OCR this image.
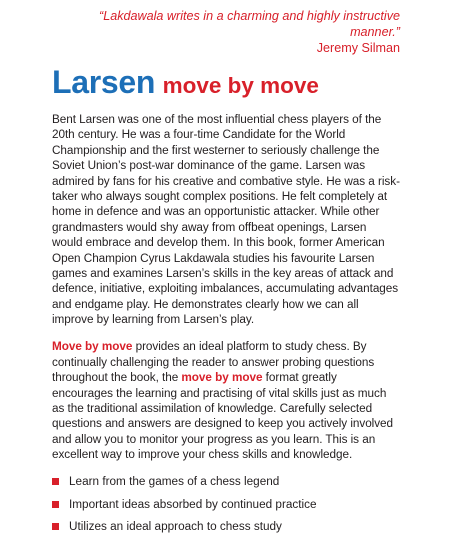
“Lakdawala writes in a charming and highly instructive manner.”
Jeremy Silman
Larsen move by move

Bent Larsen was one of the most influential chess players of the 20th century. He was a four-time Candidate for the World Championship and the first westerner to seriously challenge the Soviet Union’s post-war dominance of the game. Larsen was admired by fans for his creative and combative style. He was a risk-taker who always sought complex positions. He felt completely at home in defence and was an opportunistic attacker. While other grandmasters would shy away from offbeat openings, Larsen would embrace and develop them. In this book, former American Open Champion Cyrus Lakdawala studies his favourite Larsen games and examines Larsen’s skills in the key areas of attack and defence, initiative, exploiting imbalances, accumulating advantages and endgame play. He demonstrates clearly how we can all improve by learning from Larsen’s play.

Move by move provides an ideal platform to study chess. By continually challenging the reader to answer probing questions throughout the book, the move by move format greatly encourages the learning and practising of vital skills just as much as the traditional assimilation of knowledge. Carefully selected questions and answers are designed to keep you actively involved and allow you to monitor your progress as you learn. This is an excellent way to improve your chess skills and knowledge.

Learn from the games of a chess legend
Important ideas absorbed by continued practice
Utilizes an ideal approach to chess study
